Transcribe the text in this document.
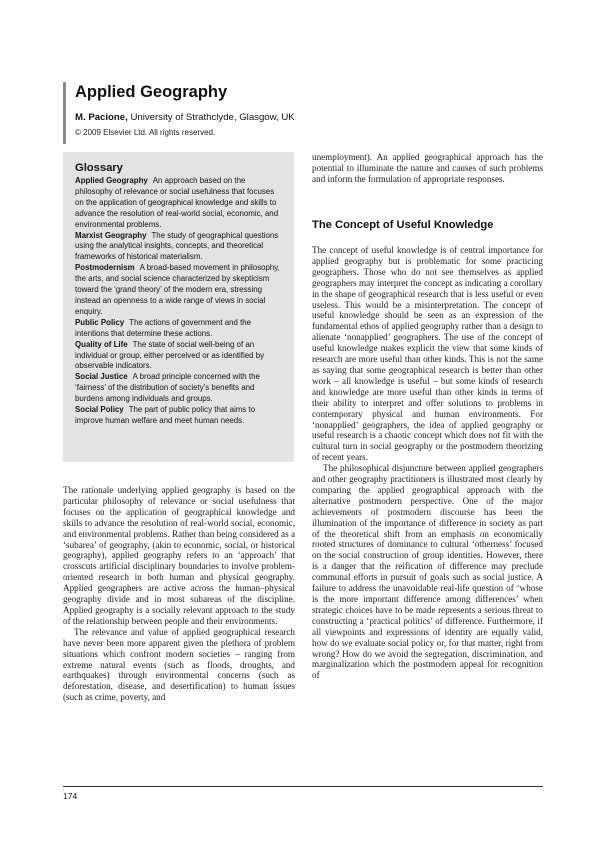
Applied Geography
M. Pacione, University of Strathclyde, Glasgow, UK
© 2009 Elsevier Ltd. All rights reserved.
Glossary

Applied Geography An approach based on the philosophy of relevance or social usefulness that focuses on the application of geographical knowledge and skills to advance the resolution of real-world social, economic, and environmental problems.

Marxist Geography The study of geographical questions using the analytical insights, concepts, and theoretical frameworks of historical materialism.

Postmodernism A broad-based movement in philosophy, the arts, and social science characterized by skepticism toward the ‘grand theory’ of the modern era, stressing instead an openness to a wide range of views in social enquiry.

Public Policy The actions of government and the intentions that determine these actions.

Quality of Life The state of social well-being of an individual or group, either perceived or as identified by observable indicators.

Social Justice A broad principle concerned with the ‘fairness’ of the distribution of society’s benefits and burdens among individuals and groups.

Social Policy The part of public policy that aims to improve human welfare and meet human needs.

The rationale underlying applied geography is based on the particular philosophy of relevance or social usefulness that focuses on the application of geographical knowledge and skills to advance the resolution of real-world social, economic, and environmental problems. Rather than being considered as a ‘subarea’ of geography, (akin to economic, social, or historical geography), applied geography refers to an ‘approach’ that crosscuts artificial disciplinary boundaries to involve problem-oriented research in both human and physical geography. Applied geographers are active across the human–physical geography divide and in most subareas of the discipline. Applied geography is a socially relevant approach to the study of the relationship between people and their environments.

The relevance and value of applied geographical research have never been more apparent given the plethora of problem situations which confront modern societies – ranging from extreme natural events (such as floods, droughts, and earthquakes) through environmental concerns (such as deforestation, disease, and desertification) to human issues (such as crime, poverty, and

unemployment). An applied geographical approach has the potential to illuminate the nature and causes of such problems and inform the formulation of appropriate responses.

The Concept of Useful Knowledge

The concept of useful knowledge is of central importance for applied geography but is problematic for some practicing geographers. Those who do not see themselves as applied geographers may interpret the concept as indicating a corollary in the shape of geographical research that is less useful or even useless. This would be a misinterpretation. The concept of useful knowledge should be seen as an expression of the fundamental ethos of applied geography rather than a design to alienate ‘nonapplied’ geographers. The use of the concept of useful knowledge makes explicit the view that some kinds of research are more useful than other kinds. This is not the same as saying that some geographical research is better than other work – all knowledge is useful – but some kinds of research and knowledge are more useful than other kinds in terms of their ability to interpret and offer solutions to problems in contemporary physical and human environments. For ‘nonapplied’ geographers, the idea of applied geography or useful research is a chaotic concept which does not fit with the cultural turn in social geography or the postmodern theorizing of recent years.

The philosophical disjuncture between applied geographers and other geography practitioners is illustrated most clearly by comparing the applied geographical approach with the alternative postmodern perspective. One of the major achievements of postmodern discourse has been the illumination of the importance of difference in society as part of the theoretical shift from an emphasis on economically rooted structures of dominance to cultural ‘otherness’ focused on the social construction of group identities. However, there is a danger that the reification of difference may preclude communal efforts in pursuit of goals such as social justice. A failure to address the unavoidable real-life question of ‘whose is the more important difference among differences’ when strategic choices have to be made represents a serious threat to constructing a ‘practical politics’ of difference. Furthermore, if all viewpoints and expressions of identity are equally valid, how do we evaluate social policy or, for that matter, right from wrong? How do we avoid the segregation, discrimination, and marginalization which the postmodern appeal for recognition of

174
